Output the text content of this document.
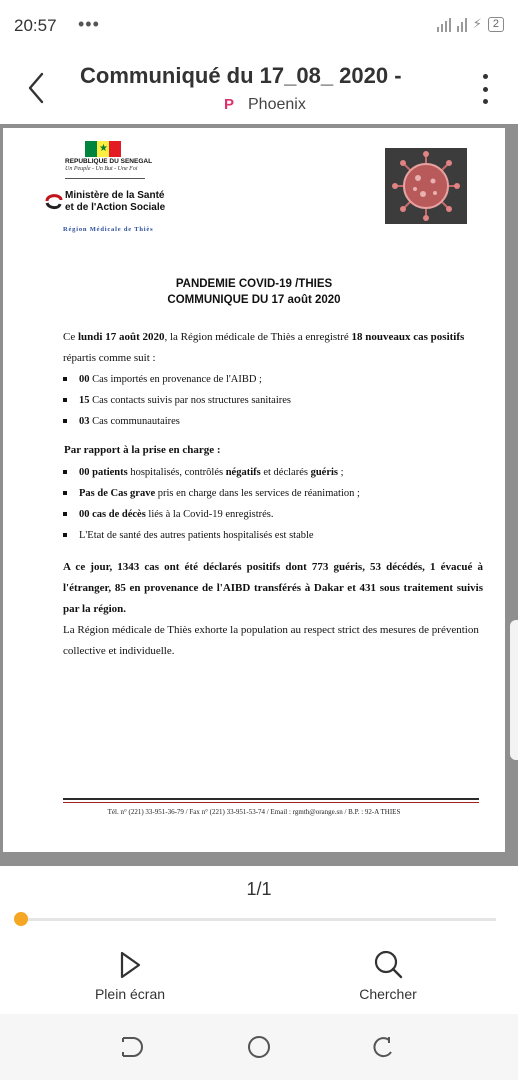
20:57 •••	⚡	2
Communiqué du 17_08_ 2020 -
P Phoenix
★
REPUBLIQUE DU SENEGAL
Un Peuple - Un But - Une Foi
Ministère de la Santé
et de l'Action Sociale
Région Médicale de Thiès
PANDEMIE COVID-19 /THIES
COMMUNIQUE DU 17 août 2020

Ce lundi 17 août 2020, la Région médicale de Thiès a enregistré 18 nouveaux cas positifs répartis comme suit :

00 Cas importés en provenance de l'AIBD ;
15 Cas contacts suivis par nos structures sanitaires
03 Cas communautaires

Par rapport à la prise en charge :

00 patients hospitalisés, contrôlés négatifs et déclarés guéris ;
Pas de Cas grave pris en charge dans les services de réanimation ;
00 cas de décès liés à la Covid-19 enregistrés.
L'Etat de santé des autres patients hospitalisés est stable

A ce jour, 1343 cas ont été déclarés positifs dont 773 guéris, 53 décédés, 1 évacué à l'étranger, 85 en provenance de l'AIBD transférés à Dakar et 431 sous traitement suivis par la région.

La Région médicale de Thiès exhorte la population au respect strict des mesures de prévention collective et individuelle.

Tél. n° (221) 33-951-36-79 / Fax n° (221) 33-951-53-74 / Email : rgmth@orange.sn / B.P. : 92-A THIES
1/1
Plein écran	Chercher
